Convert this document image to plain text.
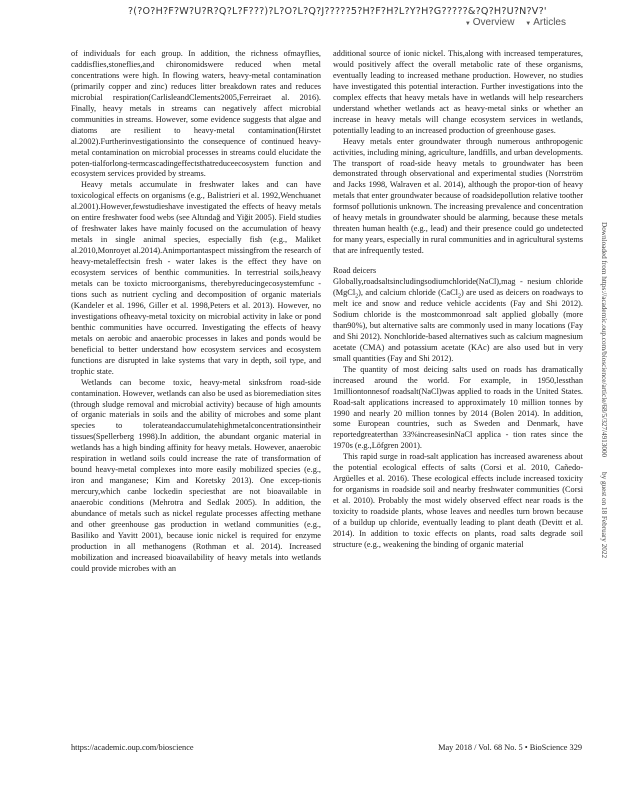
?(?O?H?F?W?U?R?Q?L?F???)?L?O?L?Q?J?????5?H?F?H?L?Y?H?G?????&?Q?H?U?N?V?'
▼ Overview ▼ Articles

of individuals for each group. In addition, the richness ofmayflies, caddisflies,stoneflies,and chironomidswere reduced when metal concentrations were high. In flowing waters, heavy-metal contamination (primarily copper and zinc) reduces litter breakdown rates and reduces microbial respiration(CarlisleandClements2005,Ferreiraet al. 2016). Finally, heavy metals in streams can negatively affect microbial communities in streams. However, some evidence suggests that algae and diatoms are resilient to heavy-metal contamination(Hirstet al.2002).Furtherinvestigationsinto the consequence of continued heavy-metal contamination on microbial processes in streams could elucidate the poten-tialforlong-termcascadingeffectsthatreduceecosystem function and ecosystem services provided by streams.

Heavy metals accumulate in freshwater lakes and can have toxicological effects on organisms (e.g., Balistrieri et al. 1992,Wenchuanet al.2001).However,fewstudieshave investigated the effects of heavy metals on entire freshwater food webs (see Altındağ and Yiğit 2005). Field studies of freshwater lakes have mainly focused on the accumulation of heavy metals in single animal species, especially fish (e.g., Maliket al.2010,Monroyet al.2014).Animportantaspect missingfrom the research of heavy-metaleffectsin fresh - water lakes is the effect they have on ecosystem services of benthic communities. In terrestrial soils,heavy metals can be toxicto microorganisms, therebyreducingecosystemfunc - tions such as nutrient cycling and decomposition of organic materials (Kandeler et al. 1996, Giller et al. 1998,Peters et al. 2013). However, no investigations ofheavy-metal toxicity on microbial activity in lake or pond benthic communities have occurred. Investigating the effects of heavy metals on aerobic and anaerobic processes in lakes and ponds would be beneficial to better understand how ecosystem services and ecosystem functions are disrupted in lake systems that vary in depth, soil type, and trophic state.

Wetlands can become toxic, heavy-metal sinksfrom road-side contamination. However, wetlands can also be used as bioremediation sites (through sludge removal and microbial activity) because of high amounts of organic materials in soils and the ability of microbes and some plant species to tolerateandaccumulatehighmetalconcentrationsintheir tissues(Spellerberg 1998).In addition, the abundant organic material in wetlands has a high binding affinity for heavy metals. However, anaerobic respiration in wetland soils could increase the rate of transformation of bound heavy-metal complexes into more easily mobilized species (e.g., iron and manganese; Kim and Koretsky 2013). One excep-tionis mercury,which canbe lockedin speciesthat are not bioavailable in anaerobic conditions (Mehrotra and Sedlak 2005). In addition, the abundance of metals such as nickel regulate processes affecting methane and other greenhouse gas production in wetland communities (e.g., Basiliko and Yavitt 2001), because ionic nickel is required for enzyme production in all methanogens (Rothman et al. 2014). Increased mobilization and increased bioavailability of heavy metals into wetlands could provide microbes with an

additional source of ionic nickel. This,along with increased temperatures, would positively affect the overall metabolic rate of these organisms, eventually leading to increased methane production. However, no studies have investigated this potential interaction. Further investigations into the complex effects that heavy metals have in wetlands will help researchers understand whether wetlands act as heavy-metal sinks or whether an increase in heavy metals will change ecosystem services in wetlands, potentially leading to an increased production of greenhouse gases.

Heavy metals enter groundwater through numerous anthropogenic activities, including mining, agriculture, landfills, and urban developments. The transport of road-side heavy metals to groundwater has been demonstrated through observational and experimental studies (Norrström and Jacks 1998, Walraven et al. 2014), although the propor-tion of heavy metals that enter groundwater because of roadsidepollution relative toother formsof pollutionis unknown. The increasing prevalence and concentration of heavy metals in groundwater should be alarming, because these metals threaten human health (e.g., lead) and their presence could go undetected for many years, especially in rural communities and in agricultural systems that are infrequently tested.

Road deicers

Globally,roadsaltsincludingsodiumchloride(NaCl),mag - nesium chloride (MgCl$_2$), and calcium chloride (CaCl$_2$) are used as deicers on roadways to melt ice and snow and reduce vehicle accidents (Fay and Shi 2012). Sodium chloride is the mostcommonroad salt applied globally (more than90%), but alternative salts are commonly used in many locations (Fay and Shi 2012). Nonchloride-based alternatives such as calcium magnesium acetate (CMA) and potassium acetate (KAc) are also used but in very small quantities (Fay and Shi 2012).

The quantity of most deicing salts used on roads has dramatically increased around the world. For example, in 1950,lessthan 1milliontonnesof roadsalt(NaCl)was applied to roads in the United States. Road-salt applications increased to approximately 10 million tonnes by 1990 and nearly 20 million tonnes by 2014 (Bolen 2014). In addition, some European countries, such as Sweden and Denmark, have reportedgreaterthan 33%increasesinNaCl applica - tion rates since the 1970s (e.g.,Löfgren 2001).

This rapid surge in road-salt application has increased awareness about the potential ecological effects of salts (Corsi et al. 2010, Cañedo-Argüelles et al. 2016). These ecological effects include increased toxicity for organisms in roadside soil and nearby freshwater communities (Corsi et al. 2010). Probably the most widely observed effect near roads is the toxicity to roadside plants, whose leaves and needles turn brown because of a buildup up chloride, eventually leading to plant death (Devitt et al. 2014). In addition to toxic effects on plants, road salts degrade soil structure (e.g., weakening the binding of organic material

Downloaded from https://academic.oup.com/bioscience/article/68/5/327/4913000
by guest on 18 February 2022
https://academic.oup.com/bioscience	May 2018 / Vol. 68 No. 5 • BioScience 329
